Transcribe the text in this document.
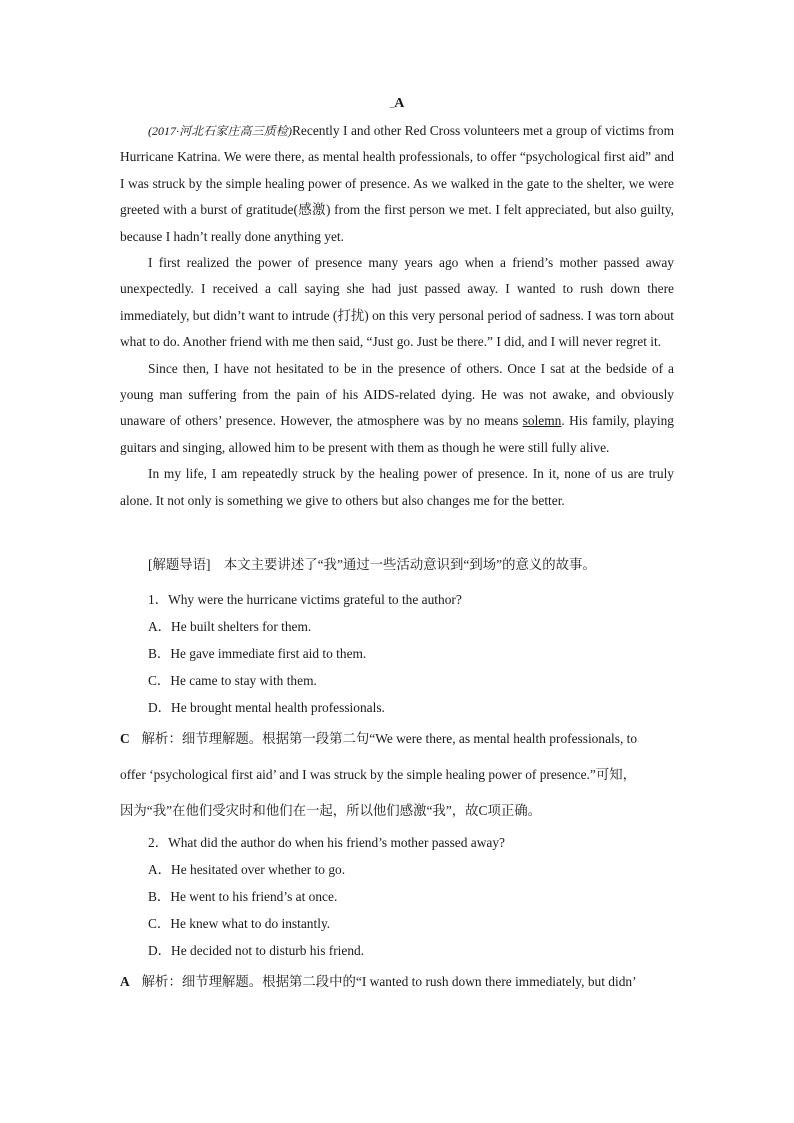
_A

(2017·河北石家庄高三质检)Recently I and other Red Cross volunteers met a group of victims from Hurricane Katrina. We were there, as mental health professionals, to offer “psychological first aid” and I was struck by the simple healing power of presence. As we walked in the gate to the shelter, we were greeted with a burst of gratitude(感激) from the first person we met. I felt appreciated, but also guilty, because I hadn’t really done anything yet.

I first realized the power of presence many years ago when a friend’s mother passed away unexpectedly. I received a call saying she had just passed away. I wanted to rush down there immediately, but didn’t want to intrude (打扰) on this very personal period of sadness. I was torn about what to do. Another friend with me then said, “Just go. Just be there.” I did, and I will never regret it.

Since then, I have not hesitated to be in the presence of others. Once I sat at the bedside of a young man suffering from the pain of his AIDS-related dying. He was not awake, and obviously unaware of others’ presence. However, the atmosphere was by no means solemn. His family, playing guitars and singing, allowed him to be present with them as though he were still fully alive.

In my life, I am repeatedly struck by the healing power of presence. In it, none of us are truly alone. It not only is something we give to others but also changes me for the better.

[解题导语]　本文主要讲述了“我”通过一些活动意识到“到场”的意义的故事。
1．Why were the hurricane victims grateful to the author?
A．He built shelters for them.
B．He gave immediate first aid to them.
C．He came to stay with them.
D．He brought mental health professionals.
C 解析：细节理解题。根据第一段第二句“We were there, as mental health professionals, to
offer ‘psychological first aid’ and I was struck by the simple healing power of presence.”可知，
因为“我”在他们受灾时和他们在一起，所以他们感激“我”，故C项正确。
2．What did the author do when his friend’s mother passed away?
A．He hesitated over whether to go.
B．He went to his friend’s at once.
C．He knew what to do instantly.
D．He decided not to disturb his friend.
A 解析：细节理解题。根据第二段中的“I wanted to rush down there immediately, but didn’
